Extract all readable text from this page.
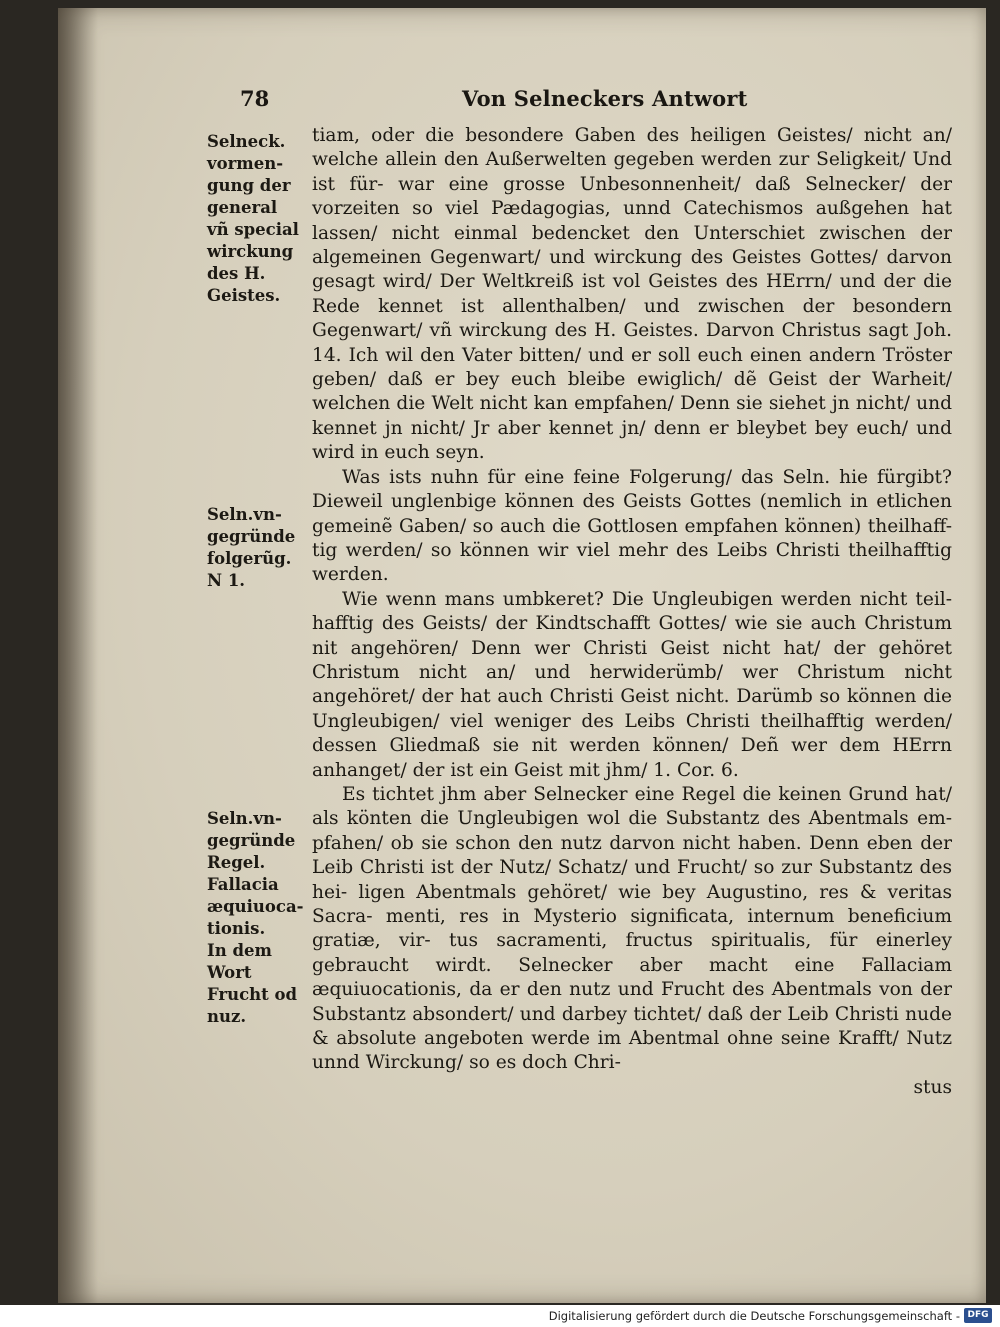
78	Von Selneckers Antwort
Selneck.
vormen-
gung der
general
vñ special
wirckung
des H.
Geistes.
Seln.vn-
gegründe
folgerũg.
N 1.
Seln.vn-
gegründe
Regel.
Fallacia
æquiuoca-
tionis.
In dem
Wort
Frucht od
nuz.

tiam, oder die besondere Gaben des heiligen Geistes/ nicht an/ welche allein den Außerwelten gegeben werden zur Seligkeit/ Und ist für- war eine grosse Unbesonnenheit/ daß Selnecker/ der vorzeiten so viel Pædagogias, unnd Catechismos außgehen hat lassen/ nicht einmal bedencket den Unterschiet zwischen der algemeinen Gegenwart/ und wirckung des Geistes Gottes/ darvon gesagt wird/ Der Weltkreiß ist vol Geistes des HErrn/ und der die Rede kennet ist allenthalben/ und zwischen der besondern Gegenwart/ vñ wirckung des H. Geistes. Darvon Christus sagt Joh. 14. Ich wil den Vater bitten/ und er soll euch einen andern Tröster geben/ daß er bey euch bleibe ewiglich/ dẽ Geist der Warheit/ welchen die Welt nicht kan empfahen/ Denn sie siehet jn nicht/ und kennet jn nicht/ Jr aber kennet jn/ denn er bleybet bey euch/ und wird in euch seyn.

Was ists nuhn für eine feine Folgerung/ das Seln. hie fürgibt? Dieweil unglenbige können des Geists Gottes (nemlich in etlichen gemeinẽ Gaben/ so auch die Gottlosen empfahen können) theilhaff- tig werden/ so können wir viel mehr des Leibs Christi theilhafftig werden.

Wie wenn mans umbkeret? Die Ungleubigen werden nicht teil- hafftig des Geists/ der Kindtschafft Gottes/ wie sie auch Christum nit angehören/ Denn wer Christi Geist nicht hat/ der gehöret Christum nicht an/ und herwiderümb/ wer Christum nicht angehöret/ der hat auch Christi Geist nicht. Darümb so können die Ungleubigen/ viel weniger des Leibs Christi theilhafftig werden/ dessen Gliedmaß sie nit werden können/ Deñ wer dem HErrn anhanget/ der ist ein Geist mit jhm/ 1. Cor. 6.

Es tichtet jhm aber Selnecker eine Regel die keinen Grund hat/ als könten die Ungleubigen wol die Substantz des Abentmals em- pfahen/ ob sie schon den nutz darvon nicht haben. Denn eben der Leib Christi ist der Nutz/ Schatz/ und Frucht/ so zur Substantz des hei- ligen Abentmals gehöret/ wie bey Augustino, res & veritas Sacra- menti, res in Mysterio significata, internum beneficium gratiæ, vir- tus sacramenti, fructus spiritualis, für einerley gebraucht wirdt. Selnecker aber macht eine Fallaciam æquiuocationis, da er den nutz und Frucht des Abentmals von der Substantz absondert/ und darbey tichtet/ daß der Leib Christi nude & absolute angeboten werde im Abentmal ohne seine Krafft/ Nutz unnd Wirckung/ so es doch Chri-

stus

Digitalisierung gefördert durch die Deutsche Forschungsgemeinschaft - DFG
